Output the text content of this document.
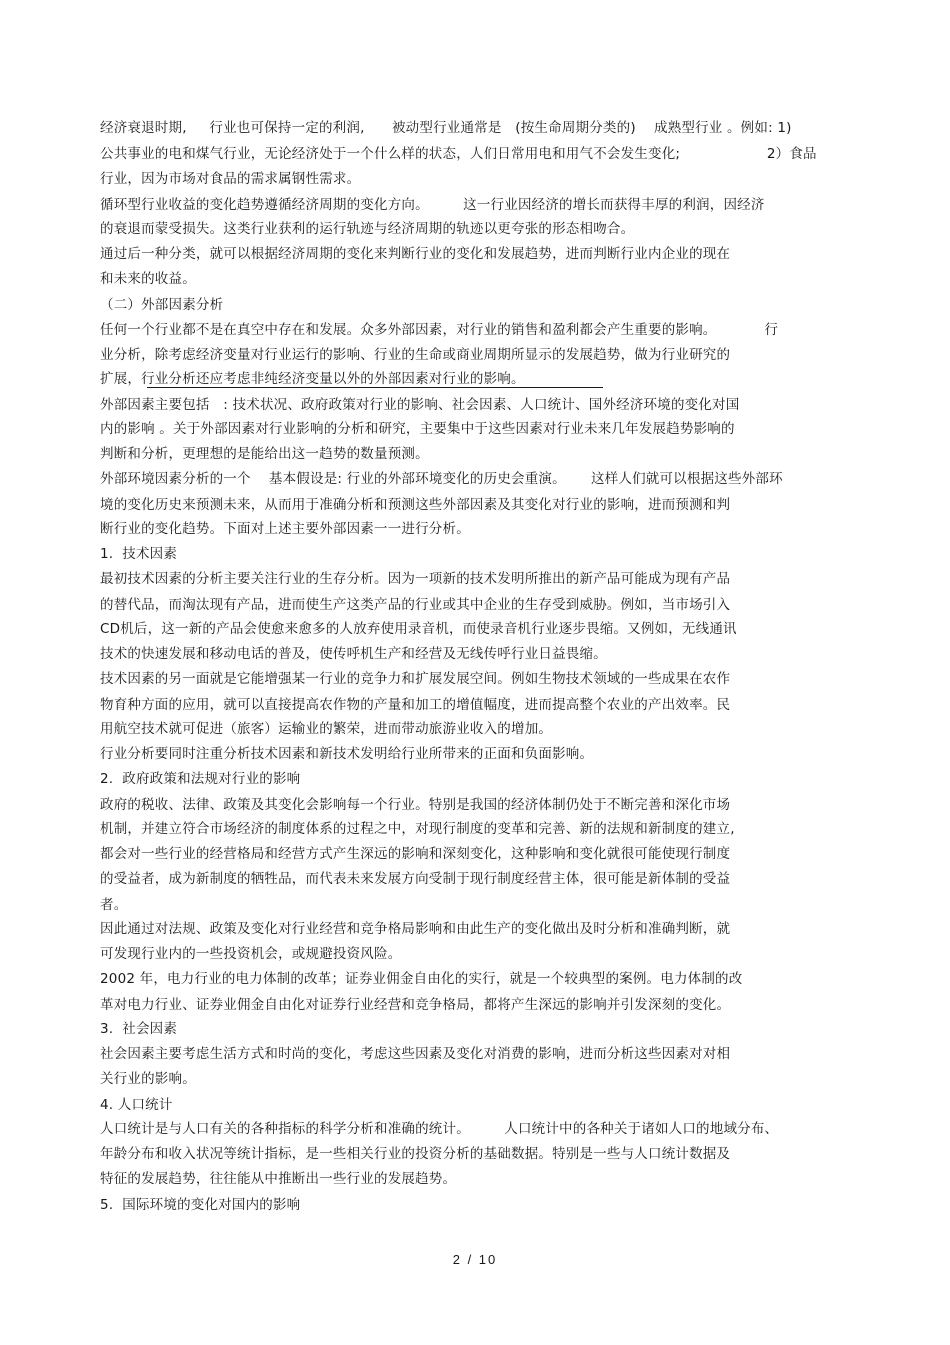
经济衰退时期,　  行业也可保持一定的利润,　　被动型行业通常是　(按生命周期分类的)　 成熟型行业 。例如: 1)
公共事业的电和煤气行业，无论经济处于一个什么样的状态，人们日常用电和用气不会发生变化;　　　　　　 2）食品
行业，因为市场对食品的需求属钢性需求。
循环型行业收益的变化趋势遵循经济周期的变化方向。　　　这一行业因经济的增长而获得丰厚的利润，因经济
的衰退而蒙受损失。这类行业获利的运行轨迹与经济周期的轨迹以更夸张的形态相吻合。
通过后一种分类，就可以根据经济周期的变化来判断行业的变化和发展趋势，进而判断行业内企业的现在
和未来的收益。
（二）外部因素分析
任何一个行业都不是在真空中存在和发展。众多外部因素，对行业的销售和盈利都会产生重要的影响。　　　　行
业分析，除考虑经济变量对行业运行的影响、行业的生命或商业周期所显示的发展趋势，做为行业研究的
扩展，行业分析还应考虑非纯经济变量以外的外部因素对行业的影响。
外部因素主要包括　: 技术状况、政府政策对行业的影响、社会因素、人口统计、国外经济环境的变化对国
内的影响 。关于外部因素对行业影响的分析和研究，主要集中于这些因素对行业未来几年发展趋势影响的
判断和分析，更理想的是能给出这一趋势的数量预测。
外部环境因素分析的一个　 基本假设是: 行业的外部环境变化的历史会重演。　　 这样人们就可以根据这些外部环
境的变化历史来预测未来，从而用于准确分析和预测这些外部因素及其变化对行业的影响，进而预测和判
断行业的变化趋势。下面对上述主要外部因素一一进行分析。
1.  技术因素
最初技术因素的分析主要关注行业的生存分析。因为一项新的技术发明所推出的新产品可能成为现有产品
的替代品，而淘汰现有产品，进而使生产这类产品的行业或其中企业的生存受到威胁。例如，当市场引入
CD机后，这一新的产品会使愈来愈多的人放弃使用录音机，而使录音机行业逐步畏缩。又例如，无线通讯
技术的快速发展和移动电话的普及，使传呼机生产和经营及无线传呼行业日益畏缩。
技术因素的另一面就是它能增强某一行业的竞争力和扩展发展空间。例如生物技术领域的一些成果在农作
物育种方面的应用，就可以直接提高农作物的产量和加工的增值幅度，进而提高整个农业的产出效率。民
用航空技术就可促进（旅客）运输业的繁荣，进而带动旅游业收入的增加。
行业分析要同时注重分析技术因素和新技术发明给行业所带来的正面和负面影响。
2.  政府政策和法规对行业的影响
政府的税收、法律、政策及其变化会影响每一个行业。特别是我国的经济体制仍处于不断完善和深化市场
机制，并建立符合市场经济的制度体系的过程之中，对现行制度的变革和完善、新的法规和新制度的建立,
都会对一些行业的经营格局和经营方式产生深远的影响和深刻变化，这种影响和变化就很可能使现行制度
的受益者，成为新制度的牺牲品，而代表未来发展方向受制于现行制度经营主体，很可能是新体制的受益
者。
因此通过对法规、政策及变化对行业经营和竞争格局影响和由此生产的变化做出及时分析和准确判断，就
可发现行业内的一些投资机会，或规避投资风险。
2002 年，电力行业的电力体制的改革；证券业佣金自由化的实行，就是一个较典型的案例。电力体制的改
革对电力行业、证券业佣金自由化对证券行业经营和竞争格局，都将产生深远的影响并引发深刻的变化。
3.  社会因素
社会因素主要考虑生活方式和时尚的变化，考虑这些因素及变化对消费的影响，进而分析这些因素对对相
关行业的影响。
4. 人口统计
人口统计是与人口有关的各种指标的科学分析和准确的统计。　　　人口统计中的各种关于诸如人口的地域分布、
年龄分布和收入状况等统计指标，是一些相关行业的投资分析的基础数据。特别是一些与人口统计数据及
特征的发展趋势，往往能从中推断出一些行业的发展趋势。
5.  国际环境的变化对国内的影响
2 / 10
